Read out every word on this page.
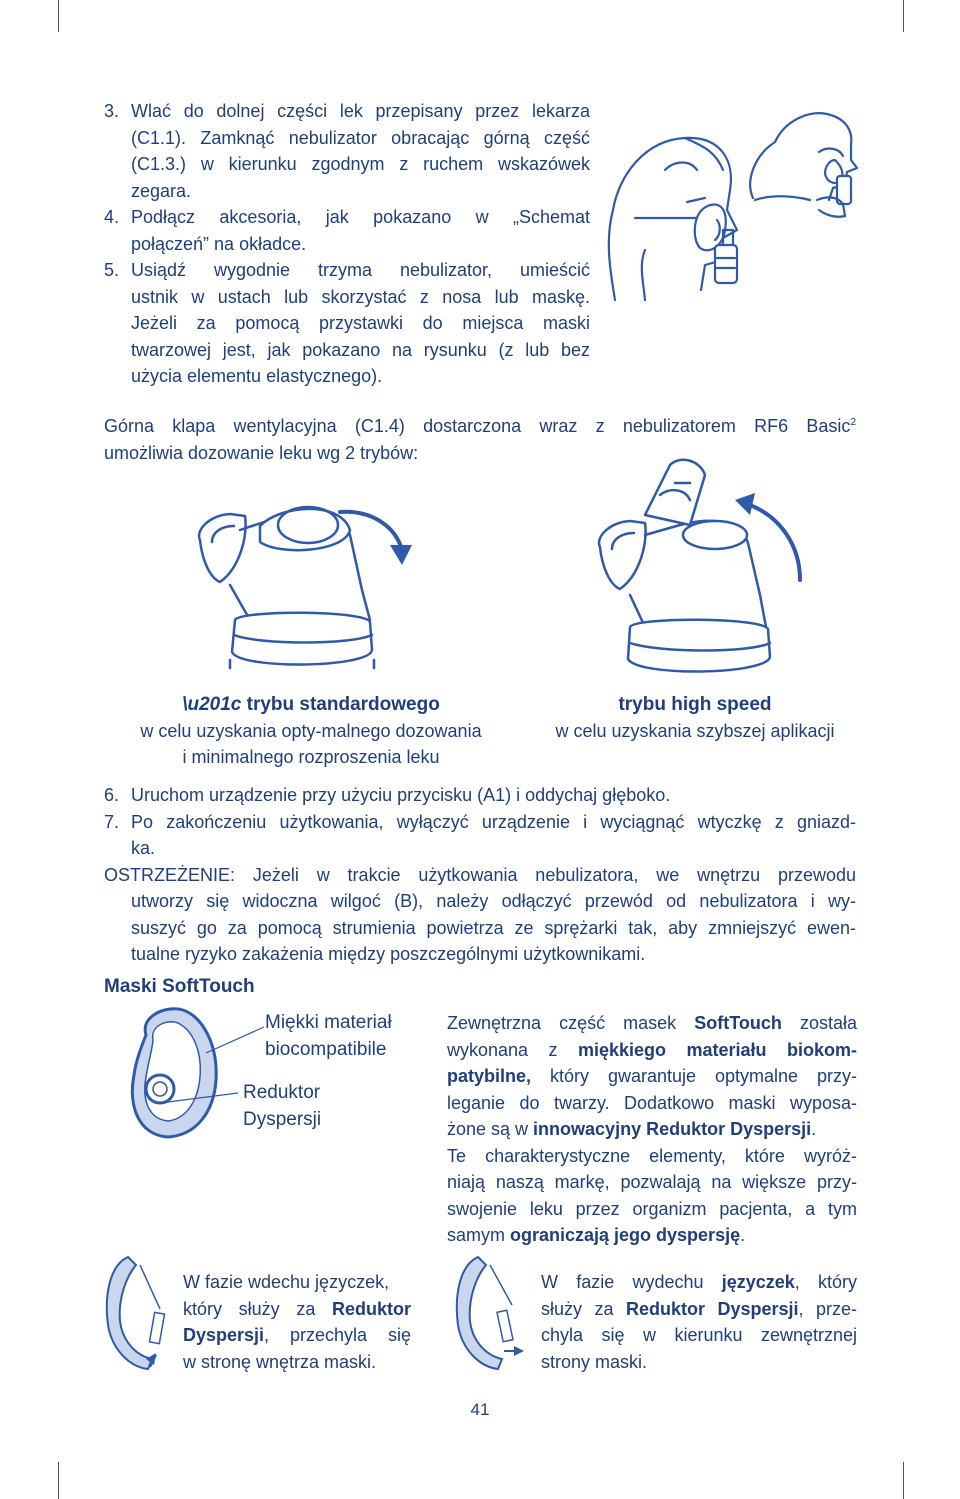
3. Wlać do dolnej części lek przepisany przez lekarza
(C1.1). Zamknąć nebulizator obracając górną część
(C1.3.) w kierunku zgodnym z ruchem wskazówek
zegara.
4. Podłącz akcesoria, jak pokazano w „Schemat
połączeń” na okładce.
5. Usiądź wygodnie trzyma nebulizator, umieścić
ustnik w ustach lub skorzystać z nosa lub maskę.
Jeżeli za pomocą przystawki do miejsca maski
twarzowej jest, jak pokazano na rysunku (z lub bez
użycia elementu elastycznego).
Górna klapa wentylacyjna (C1.4) dostarczona wraz z nebulizatorem RF6 Basic$^2$
umożliwia dozowanie leku wg 2 trybów:
\u201c trybu standardowego
w celu uzyskania opty-malnego dozowania
i minimalnego rozproszenia leku
trybu high speed
w celu uzyskania szybszej aplikacji
6. Uruchom urządzenie przy użyciu przycisku (A1) i oddychaj głęboko.
7. Po zakończeniu użytkowania, wyłączyć urządzenie i wyciągnąć wtyczkę z gniazd-
ka.
OSTRZEŻENIE: Jeżeli w trakcie użytkowania nebulizatora, we wnętrzu przewodu
utworzy się widoczna wilgoć (B), należy odłączyć przewód od nebulizatora i wy-
suszyć go za pomocą strumienia powietrza ze sprężarki tak, aby zmniejszyć ewen-
tualne ryzyko zakażenia między poszczególnymi użytkownikami.
Maski SoftTouch
Miękki materiał
biocompatibile
Reduktor
Dyspersji
Zewnętrzna część masek SoftTouch została
wykonana z miękkiego materiału biokom-
patybilne, który gwarantuje optymalne przy-
leganie do twarzy. Dodatkowo maski wyposa-
żone są w innowacyjny Reduktor Dyspersji.
Te charakterystyczne elementy, które wyróż-
niają naszą markę, pozwalają na większe przy-
swojenie leku przez organizm pacjenta, a tym
samym ograniczają jego dyspersję.
W fazie wdechu języczek,
który służy za Reduktor
Dyspersji, przechyla się
w stronę wnętrza maski.
W fazie wydechu języczek, który
służy za Reduktor Dyspersji, prze-
chyla się w kierunku zewnętrznej
strony maski.
41
